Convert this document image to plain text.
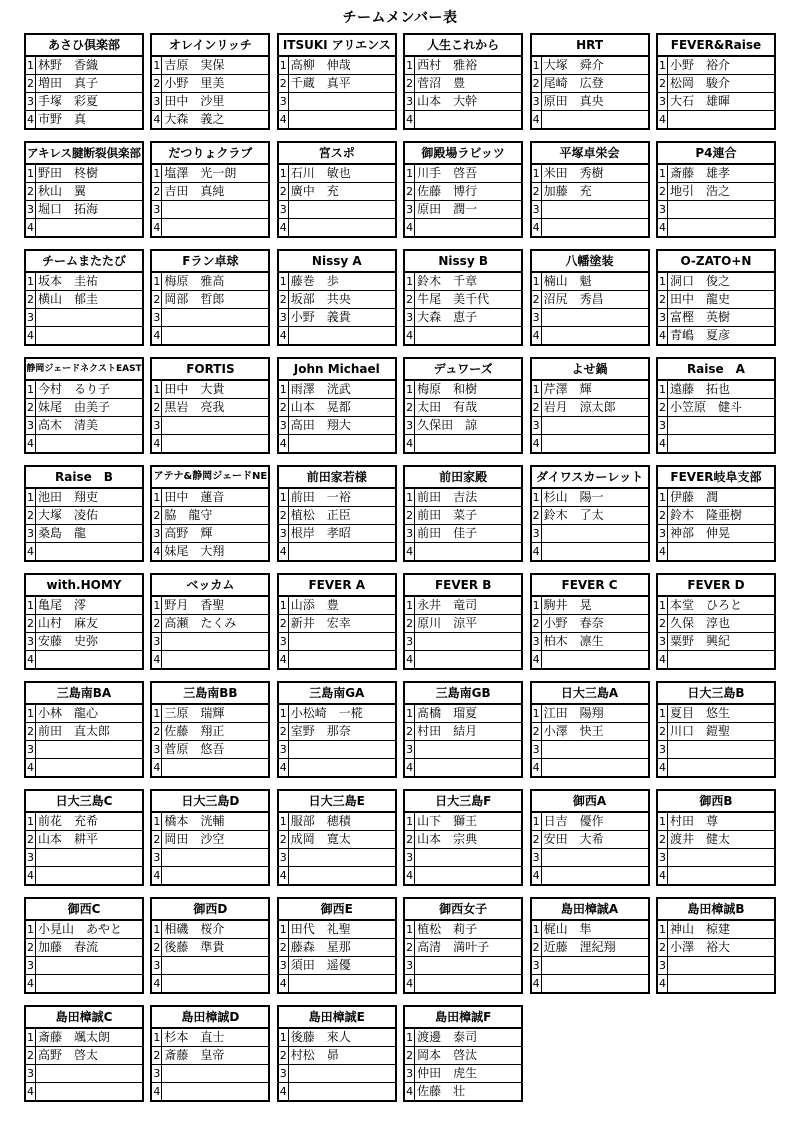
チームメンバー表
あさひ倶楽部
1 林野　香織
2 増田　真子
3 手塚　彩夏
4 市野　真
オレインリッチ
1 吉原　実保
2 小野　里美
3 田中　沙里
4 大森　義之
ITSUKI アリエンス
1 高柳　伸哉
2 千蔵　真平
3
4
人生これから
1 西村　雅裕
2 菅沼　豊
3 山本　大幹
4
HRT
1 大塚　舜介
2 尾崎　広登
3 原田　真央
4
FEVER&Raise
1 小野　裕介
2 松岡　駿介
3 大石　雄暉
4
アキレス腱断裂倶楽部
1 野田　柊樹
2 秋山　翼
3 堀口　拓海
4
だつりょクラブ
1 塩澤　光一朗
2 吉田　真純
3
4
宮スポ
1 石川　敏也
2 廣中　充
3
4
御殿場ラビッツ
1 川手　啓吾
2 佐藤　博行
3 原田　潤一
4
平塚卓栄会
1 米田　秀樹
2 加藤　充
3
4
P4連合
1 斎藤　雄孝
2 地引　浩之
3
4
チームまたたび
1 坂本　圭祐
2 横山　郁圭
3
4
Fラン卓球
1 梅原　雅高
2 岡部　哲郎
3
4
Nissy A
1 藤巻　歩
2 坂部　共央
3 小野　義貴
4
Nissy B
1 鈴木　千章
2 牛尾　美千代
3 大森　恵子
4
八幡塗装
1 楠山　魁
2 沼尻　秀昌
3
4
O-ZATO+N
1 洞口　俊之
2 田中　龍史
3 富樫　英樹
4 青嶋　夏彦
静岡ジェードネクストEAST
1 今村　るり子
2 妹尾　由美子
3 高木　清美
4
FORTIS
1 田中　大貴
2 黒岩　亮我
3
4
John Michael
1 雨澤　洸武
2 山本　晃都
3 高田　翔大
4
デュワーズ
1 梅原　和樹
2 太田　有哉
3 久保田　諒
4
よせ鍋
1 芹澤　輝
2 岩月　涼太郎
3
4
Raise　A
1 遠藤　拓也
2 小笠原　健斗
3
4
Raise　B
1 池田　翔吏
2 大塚　凌佑
3 桑島　龍
4
アテナ&静岡ジェードNE
1 田中　蓮音
2 脇　龍守
3 高野　輝
4 妹尾　大翔
前田家若様
1 前田　一裕
2 植松　正臣
3 根岸　孝昭
4
前田家殿
1 前田　吉法
2 前田　菜子
3 前田　佳子
4
ダイワスカーレット
1 杉山　陽一
2 鈴木　了太
3
4
FEVER岐阜支部
1 伊藤　潤
2 鈴木　隆亜樹
3 神部　伸晃
4
with.HOMY
1 亀尾　澪
2 山村　麻友
3 安藤　史弥
4
ベッカム
1 野月　香聖
2 高瀬　たくみ
3
4
FEVER A
1 山添　豊
2 新井　宏幸
3
4
FEVER B
1 永井　竜司
2 原川　涼平
3
4
FEVER C
1 駒井　晃
2 小野　春奈
3 柏木　凛生
4
FEVER D
1 本堂　ひろと
2 久保　淳也
3 粟野　興紀
4
三島南BA
1 小林　龍心
2 前田　直太郎
3
4
三島南BB
1 三原　瑞輝
2 佐藤　翔正
3 菅原　悠吾
4
三島南GA
1 小松崎　一椛
2 室野　那奈
3
4
三島南GB
1 髙橋　瑠夏
2 村田　結月
3
4
日大三島A
1 江田　陽翔
2 小澤　快王
3
4
日大三島B
1 夏目　悠生
2 川口　鎧聖
3
4
日大三島C
1 前花　充希
2 山本　耕平
3
4
日大三島D
1 橋本　洸輔
2 岡田　沙空
3
4
日大三島E
1 服部　穂積
2 成岡　寛太
3
4
日大三島F
1 山下　獅王
2 山本　宗典
3
4
御西A
1 日吉　優作
2 安田　大希
3
4
御西B
1 村田　尊
2 渡井　健太
3
4
御西C
1 小見山　あやと
2 加藤　春流
3
4
御西D
1 相磯　桜介
2 後藤　準貴
3
4
御西E
1 田代　礼聖
2 藤森　星那
3 須田　遥優
4
御西女子
1 植松　莉子
2 高清　満叶子
3
4
島田樟誠A
1 梶山　隼
2 近藤　浬紀翔
3
4
島田樟誠B
1 神山　椋建
2 小澤　裕大
3
4
島田樟誠C
1 斎藤　颯太朗
2 高野　啓太
3
4
島田樟誠D
1 杉本　直士
2 斎藤　皇帝
3
4
島田樟誠E
1 後藤　來人
2 村松　昴
3
4
島田樟誠F
1 渡邊　泰司
2 岡本　啓汰
3 仲田　虎生
4 佐藤　壮
